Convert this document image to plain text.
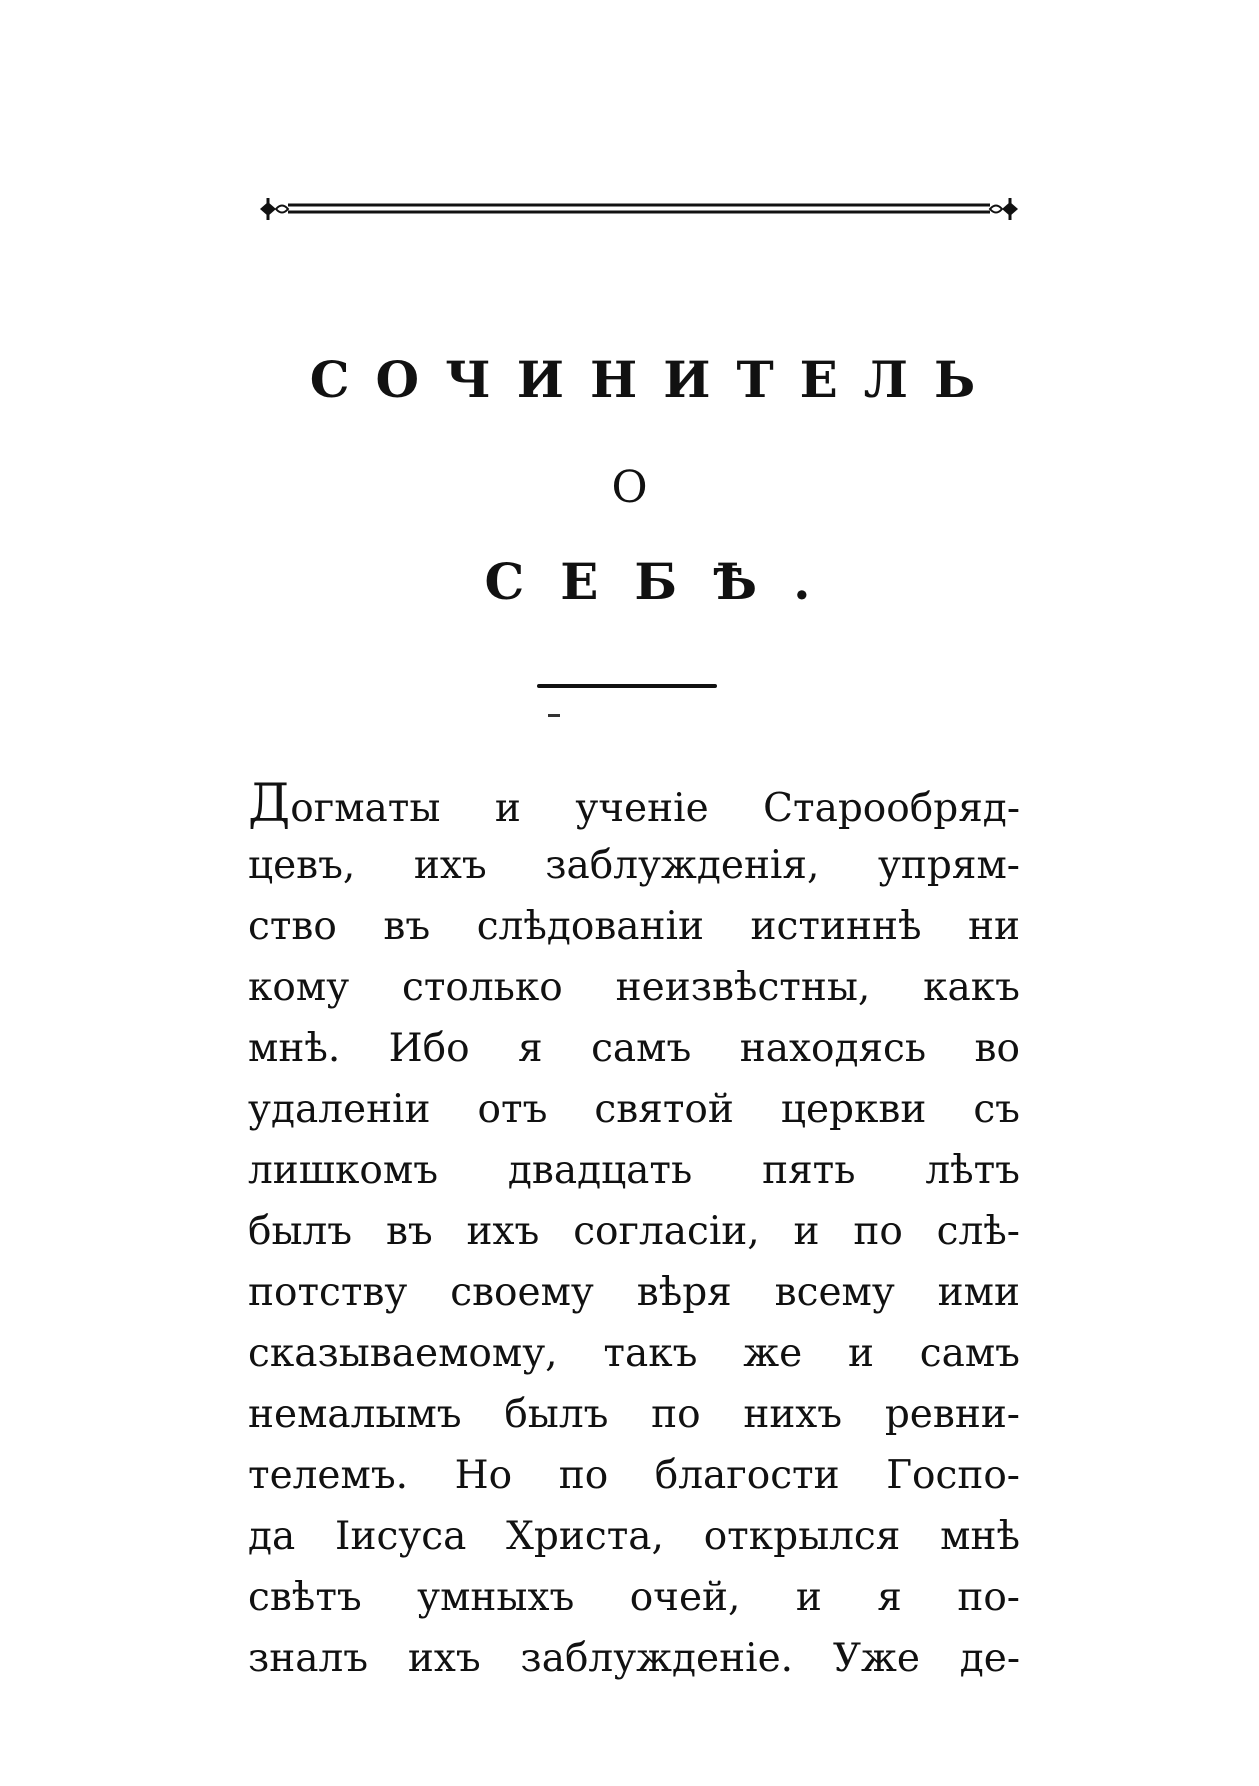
СОЧИНИТЕЛЬ
О
СЕБѢ.
Догматы и ученіе Старообряд-
цевъ, ихъ заблужденія, упрям-
ство въ слѣдованіи истиннѣ ни
кому столько неизвѣстны, какъ
мнѣ. Ибо я самъ находясь во
удаленіи отъ святой церкви съ
лишкомъ двадцать пять лѣтъ
былъ въ ихъ согласіи, и по слѣ-
потству своему вѣря всему ими
сказываемому, такъ же и самъ
немалымъ былъ по нихъ ревни-
телемъ. Но по благости Госпо-
да Іисуса Христа, открылся мнѣ
свѣтъ умныхъ очей, и я по-
зналъ ихъ заблужденіе. Уже де-
